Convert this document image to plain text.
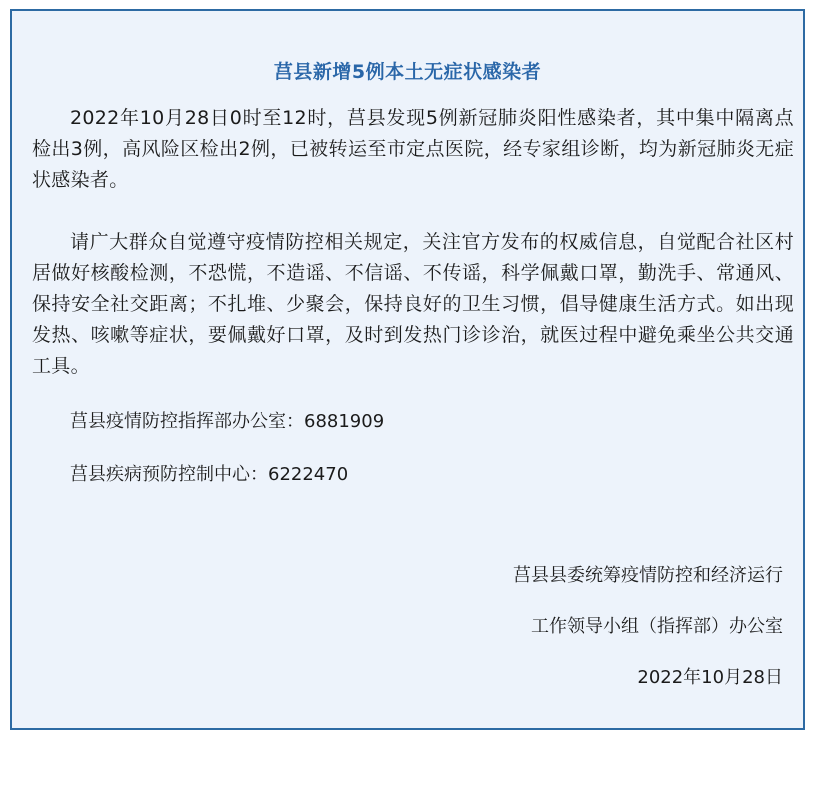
莒县新增5例本土无症状感染者

2022年10月28日0时至12时，莒县发现5例新冠肺炎阳性感染者，其中集中隔离点检出3例，高风险区检出2例，已被转运至市定点医院，经专家组诊断，均为新冠肺炎无症状感染者。

请广大群众自觉遵守疫情防控相关规定，关注官方发布的权威信息，自觉配合社区村居做好核酸检测，不恐慌，不造谣、不信谣、不传谣，科学佩戴口罩，勤洗手、常通风、保持安全社交距离；不扎堆、少聚会，保持良好的卫生习惯，倡导健康生活方式。如出现发热、咳嗽等症状，要佩戴好口罩，及时到发热门诊诊治，就医过程中避免乘坐公共交通工具。

莒县疫情防控指挥部办公室：6881909
莒县疾病预防控制中心：6222470
莒县县委统筹疫情防控和经济运行
工作领导小组（指挥部）办公室
2022年10月28日
